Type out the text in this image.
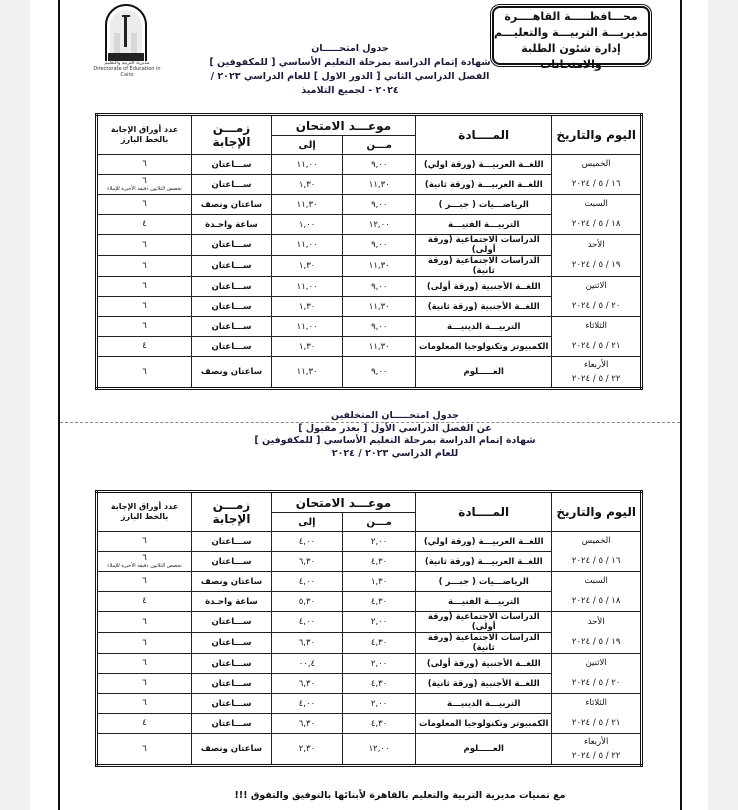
محـــافظـــــة القاهــــرة
مديريـــة التربيـــة والتعليـــم
إدارة شئون الطلبة والامتحانات
مديرية التربية والتعليم
Directorate of Education in Cairo
جدول امتحـــــان
شهادة إتمام الدراسة بمرحلة التعليم الأساسي [ للمكفوفين ]
الفصل الدراسي الثاني [ الدور الاول ] للعام الدراسي ٢٠٢٣ / ٢٠٢٤ - لجميع التلاميذ
اليوم والتاريخ	المــــادة	موعـــد الامتحان		زمـــن الإجابة	عدد أوراق الإجابة بالخط البارز
		مـــن	إلى		
الخميس	اللغــة العربيـــة (ورقة اولي)	٩,٠٠	١١,٠٠	ســـاعتان	٦

١٦ / ٥ / ٢٠٢٤	اللغــة العربيـــة (ورقة ثانية)	١١,٣٠	١,٣٠	ســـاعتان	٦
تخصص الثلاثون دقيقة الأخيرة للإملاء

السبت	الرياضـــيات ( جبـــر )	٩,٠٠	١١,٣٠	ساعتان ونصف	٦

١٨ / ٥ / ٢٠٢٤	التربيـــة الفنيـــة	١٢,٠٠	١,٠٠	ساعة واحـدة	٤

الأحد	الدراسات الاجتماعية (ورقة أولى)	٩,٠٠	١١,٠٠	ســـاعتان	٦

١٩ / ٥ / ٢٠٢٤	الدراسات الاجتماعية (ورقة ثانية)	١١,٣٠	١,٣٠	ســـاعتان	٦

الاثنين	اللغــة الأجنبية (ورقة أولى)	٩,٠٠	١١,٠٠	ســـاعتان	٦

٢٠ / ٥ / ٢٠٢٤	اللغــة الأجنبية (ورقة ثانية)	١١,٣٠	١,٣٠	ســـاعتان	٦

الثلاثاء	التربيـــة الدينيـــة	٩,٠٠	١١,٠٠	ســـاعتان	٦

٢١ / ٥ / ٢٠٢٤	الكمبيوتر وتكنولوجيا المعلومات	١١,٣٠	١,٣٠	ســـاعتان	٤

الأربعاء
٢٢ / ٥ / ٢٠٢٤	العـــــلوم	٩,٠٠	١١,٣٠	ساعتان ونصف	٦
جدول امتحـــــان المتخلفين
عن الفصل الدراسي الأول [ بعذر مقبول ]
شهادة إتمام الدراسة بمرحلة التعليم الأساسي [ للمكفوفين ]
للعام الدراسي ٢٠٢٣ / ٢٠٢٤
اليوم والتاريخ	المــــادة	موعـــد الامتحان		زمـــن الإجابة	عدد أوراق الإجابة بالخط البارز
		مـــن	إلى		
الخميس	اللغــة العربيـــة (ورقة اولي)	٢,٠٠	٤,٠٠	ســـاعتان	٦

١٦ / ٥ / ٢٠٢٤	اللغــة العربيـــة (ورقة ثانية)	٤,٣٠	٦,٣٠	ســـاعتان	٦
تخصص الثلاثون دقيقة الأخيرة للإملاء

السبت	الرياضـــيات ( جبـــر )	١,٣٠	٤,٠٠	ساعتان ونصف	٦

١٨ / ٥ / ٢٠٢٤	التربيـــة الفنيـــة	٤,٣٠	٥,٣٠	ساعة واحـدة	٤

الأحد	الدراسات الاجتماعية (ورقة أولى)	٢,٠٠	٤,٠٠	ســـاعتان	٦

١٩ / ٥ / ٢٠٢٤	الدراسات الاجتماعية (ورقة ثانية)	٤,٣٠	٦,٣٠	ســـاعتان	٦

الاثنين	اللغــة الأجنبية (ورقة أولى)	٢,٠٠	٠٠,٤	ســـاعتان	٦

٢٠ / ٥ / ٢٠٢٤	اللغــة الأجنبية (ورقة ثانية)	٤,٣٠	٦,٣٠	ســـاعتان	٦

الثلاثاء	التربيـــة الدينيـــة	٢,٠٠	٤,٠٠	ســـاعتان	٦

٢١ / ٥ / ٢٠٢٤	الكمبيوتر وتكنولوجيا المعلومات	٤,٣٠	٦,٣٠	ســـاعتان	٤

الأربعاء
٢٢ / ٥ / ٢٠٢٤	العـــــلوم	١٢,٠٠	٢,٣٠	ساعتان ونصف	٦
مع تمنيات مديرية التربية والتعليم بالقاهرة لأبنائها بالتوفيق والتفوق !!!
